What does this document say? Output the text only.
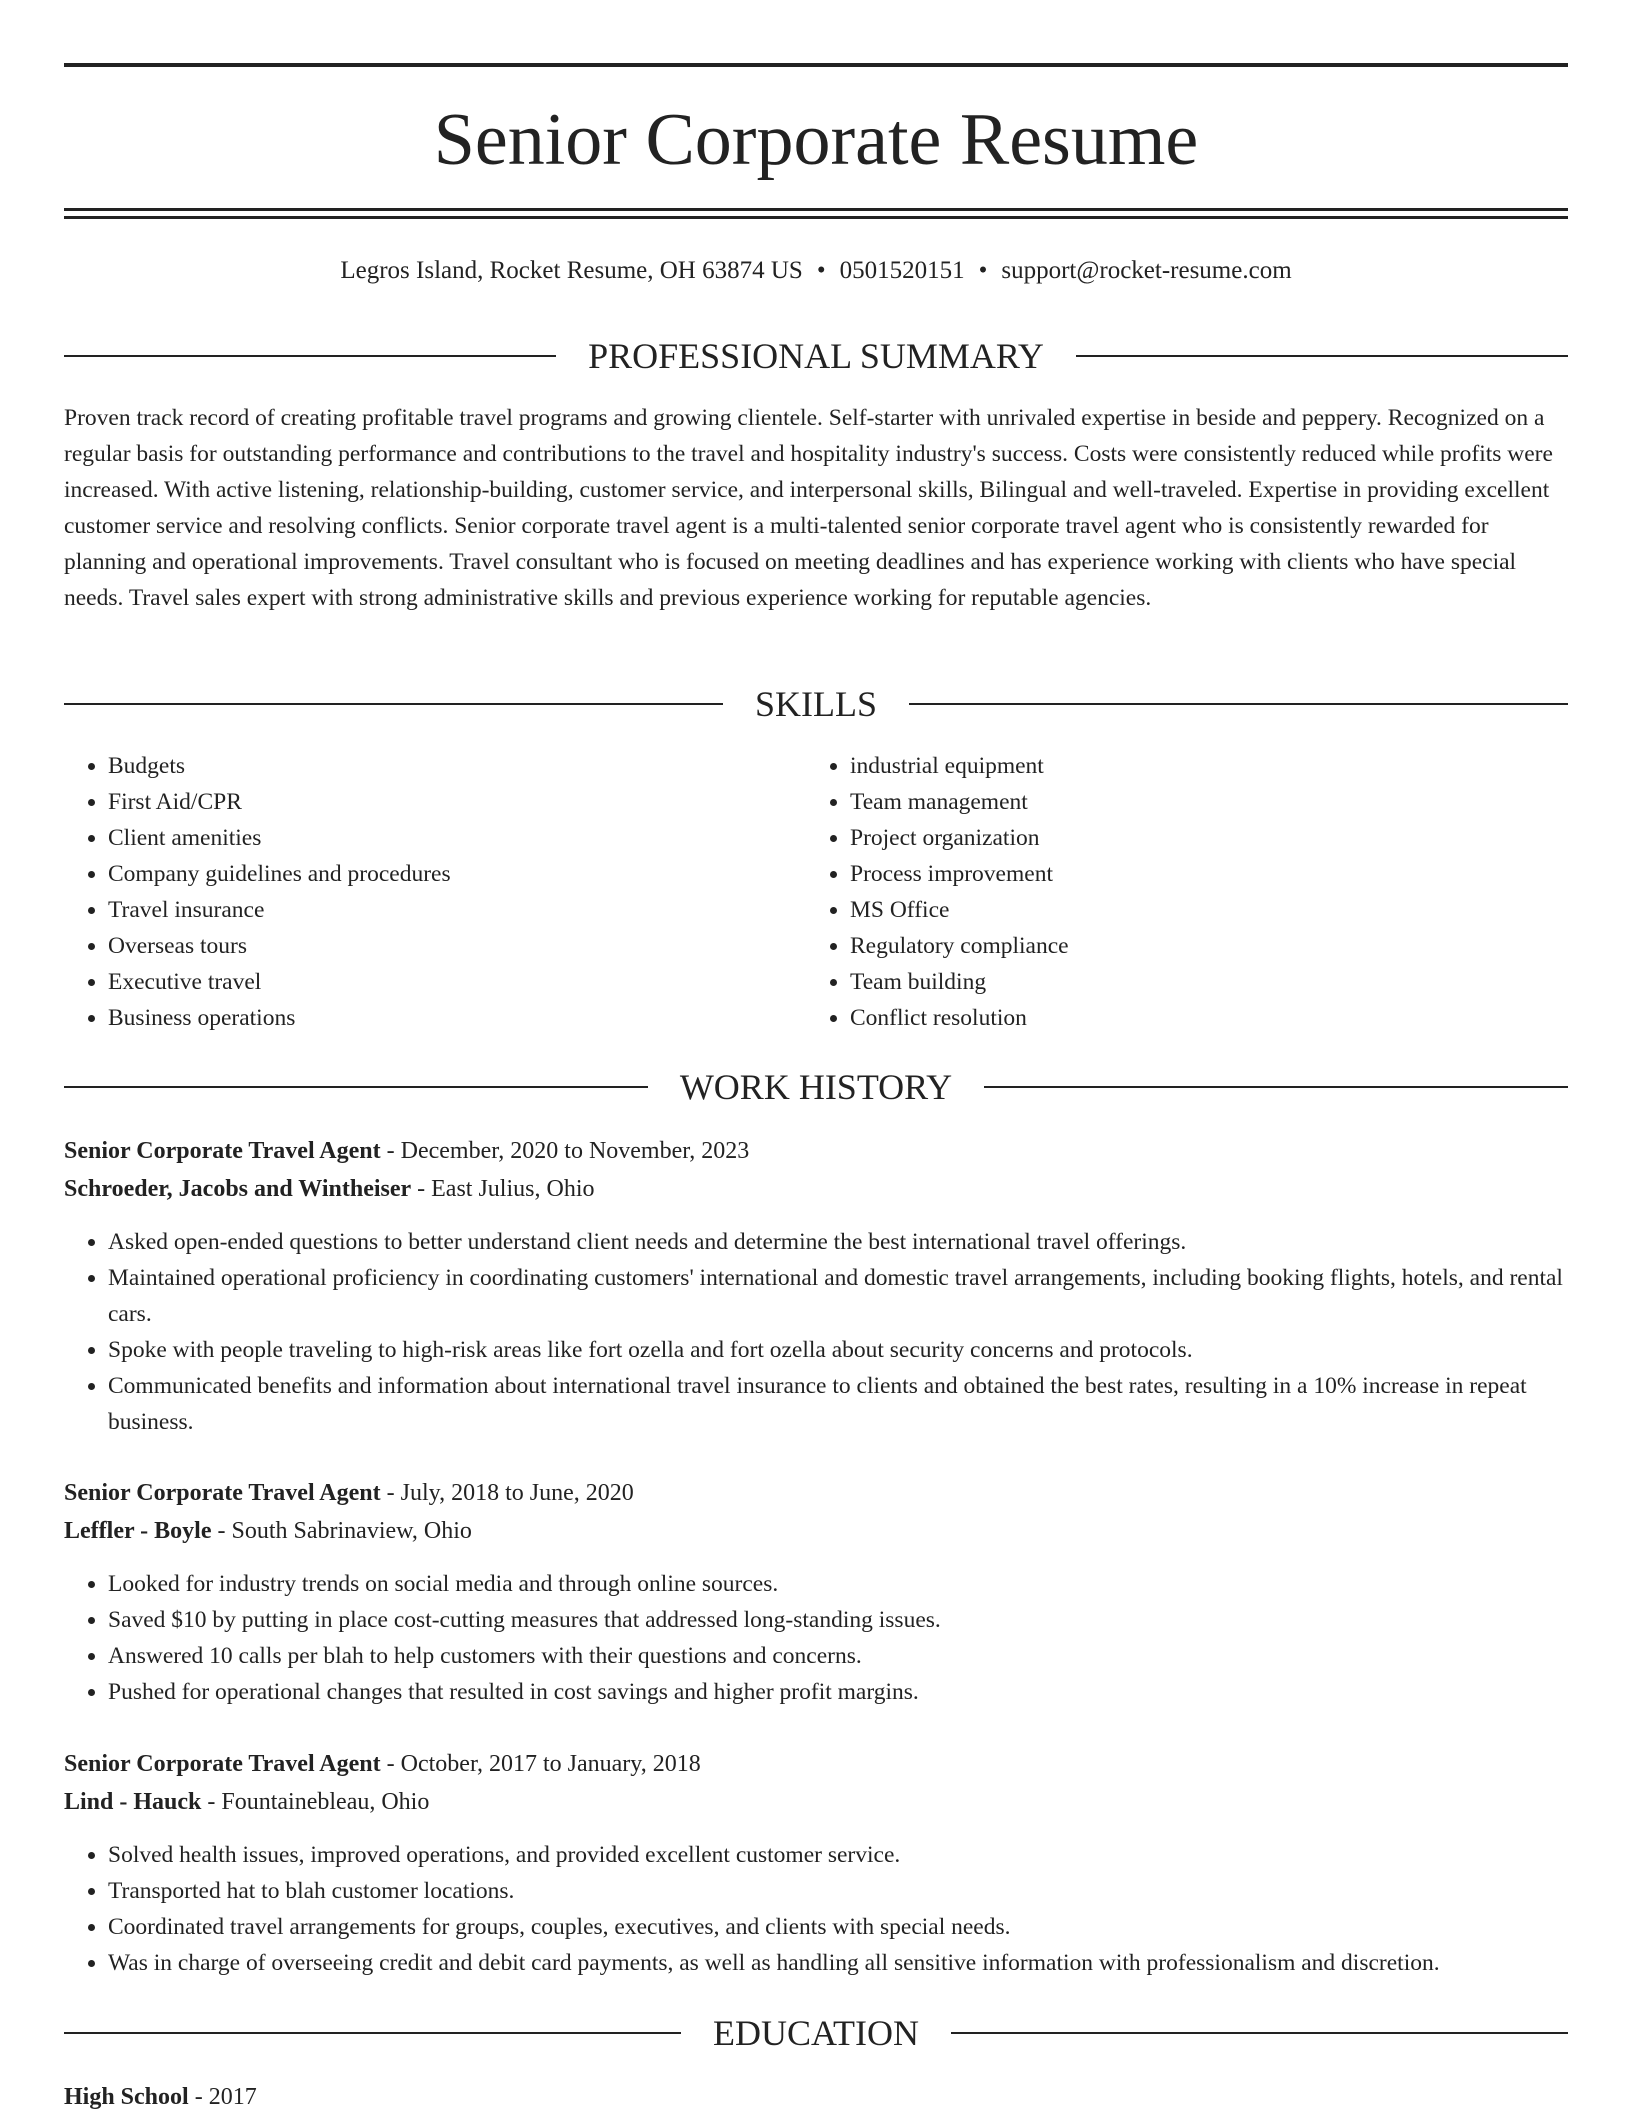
Senior Corporate Resume
Legros Island, Rocket Resume, OH 63874 US • 0501520151 • support@rocket-resume.com
PROFESSIONAL SUMMARY

Proven track record of creating profitable travel programs and growing clientele. Self-starter with unrivaled expertise in beside and peppery. Recognized on a regular basis for outstanding performance and contributions to the travel and hospitality industry's success. Costs were consistently reduced while profits were increased. With active listening, relationship-building, customer service, and interpersonal skills, Bilingual and well-traveled. Expertise in providing excellent customer service and resolving conflicts. Senior corporate travel agent is a multi-talented senior corporate travel agent who is consistently rewarded for planning and operational improvements. Travel consultant who is focused on meeting deadlines and has experience working with clients who have special needs. Travel sales expert with strong administrative skills and previous experience working for reputable agencies.

SKILLS
• Budgets
• First Aid/CPR
• Client amenities
• Company guidelines and procedures
• Travel insurance
• Overseas tours
• Executive travel
• Business operations
• industrial equipment
• Team management
• Project organization
• Process improvement
• MS Office
• Regulatory compliance
• Team building
• Conflict resolution
WORK HISTORY
Senior Corporate Travel Agent - December, 2020 to November, 2023
Schroeder, Jacobs and Wintheiser - East Julius, Ohio
• Asked open-ended questions to better understand client needs and determine the best international travel offerings.
• Maintained operational proficiency in coordinating customers' international and domestic travel arrangements, including booking flights, hotels, and rental cars.
• Spoke with people traveling to high-risk areas like fort ozella and fort ozella about security concerns and protocols.
• Communicated benefits and information about international travel insurance to clients and obtained the best rates, resulting in a 10% increase in repeat business.
Senior Corporate Travel Agent - July, 2018 to June, 2020
Leffler - Boyle - South Sabrinaview, Ohio
• Looked for industry trends on social media and through online sources.
• Saved $10 by putting in place cost-cutting measures that addressed long-standing issues.
• Answered 10 calls per blah to help customers with their questions and concerns.
• Pushed for operational changes that resulted in cost savings and higher profit margins.
Senior Corporate Travel Agent - October, 2017 to January, 2018
Lind - Hauck - Fountainebleau, Ohio
• Solved health issues, improved operations, and provided excellent customer service.
• Transported hat to blah customer locations.
• Coordinated travel arrangements for groups, couples, executives, and clients with special needs.
• Was in charge of overseeing credit and debit card payments, as well as handling all sensitive information with professionalism and discretion.
EDUCATION
High School - 2017
